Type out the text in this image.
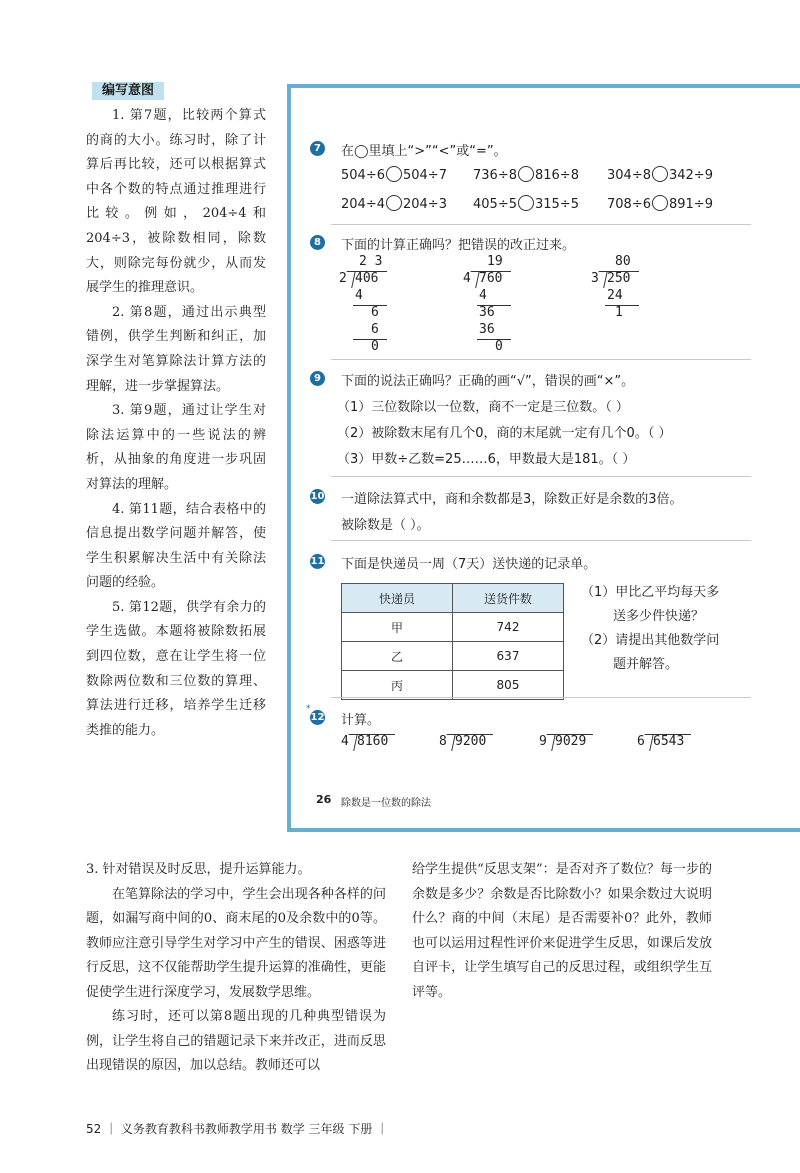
编写意图

1. 第7题，比较两个算式的商的大小。练习时，除了计算后再比较，还可以根据算式中各个数的特点通过推理进行比较。例如，204÷4和204÷3，被除数相同，除数大，则除完每份就少，从而发展学生的推理意识。

2. 第8题，通过出示典型错例，供学生判断和纠正，加深学生对笔算除法计算方法的理解，进一步掌握算法。

3. 第9题，通过让学生对除法运算中的一些说法的辨析，从抽象的角度进一步巩固对算法的理解。

4. 第11题，结合表格中的信息提出数学问题并解答，使学生积累解决生活中有关除法问题的经验。

5. 第12题，供学有余力的学生选做。本题将被除数拓展到四位数，意在让学生将一位数除两位数和三位数的算理、算法进行迁移，培养学生迁移类推的能力。

7	在◯里填上“>”“<”或“=”。
504÷6 504÷7 736÷8 816÷8 304÷8 342÷9
204÷4 204÷3 405÷5 315÷5 708÷6 891÷9
8	下面的计算正确吗？把错误的改正过来。
2 3
2 406
4
6
6
0
19
4 760
4
36
36
0
80
3 250
24
1
9	下面的说法正确吗？正确的画“√”，错误的画“×”。
（1）三位数除以一位数，商不一定是三位数。（ ）
（2）被除数末尾有几个0，商的末尾就一定有几个0。（ ）
（3）甲数÷乙数=25……6，甲数最大是181。（ ）
10 一道除法算式中，商和余数都是3，除数正好是余数的3倍。
被除数是（ ）。
11 下面是快递员一周（7天）送快递的记录单。
快递员	送货件数
甲	742
乙	637
丙	805
（1）甲比乙平均每天多
送多少件快递？
（2）请提出其他数学问
题并解答。
*
12 计算。
4 8160	8 9200	9 9029	6 6543
26 除数是一位数的除法

3. 针对错误及时反思，提升运算能力。

在笔算除法的学习中，学生会出现各种各样的问题，如漏写商中间的0、商末尾的0及余数中的0等。教师应注意引导学生对学习中产生的错误、困惑等进行反思，这不仅能帮助学生提升运算的准确性，更能促使学生进行深度学习，发展数学思维。

练习时，还可以第8题出现的几种典型错误为例，让学生将自己的错题记录下来并改正，进而反思出现错误的原因，加以总结。教师还可以

给学生提供“反思支架”：是否对齐了数位？每一步的余数是多少？余数是否比除数小？如果余数过大说明什么？商的中间（末尾）是否需要补0？此外，教师也可以运用过程性评价来促进学生反思，如课后发放自评卡，让学生填写自己的反思过程，或组织学生互评等。

52 ｜ 义务教育教科书教师教学用书 数学 三年级 下册 ｜
